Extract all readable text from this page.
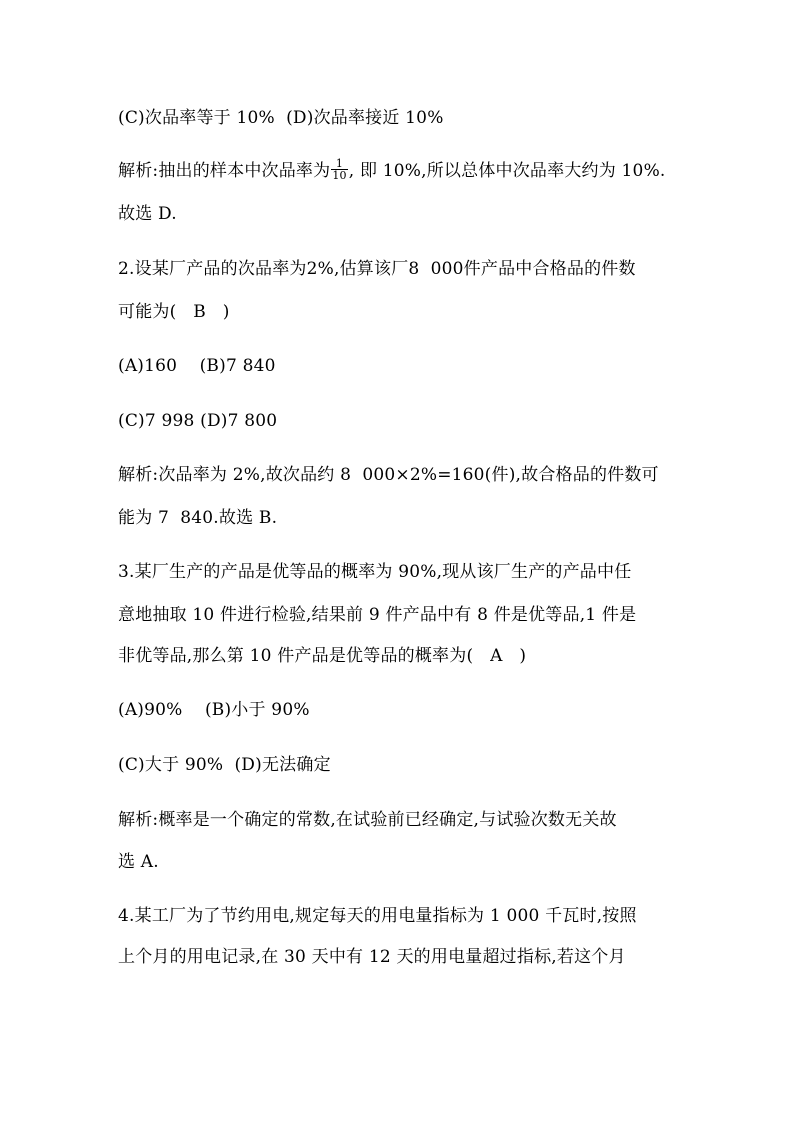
(C)次品率等于 10%  (D)次品率接近 10%
解析:抽出的样本中次品率为 $\frac{1}{10}$ , 即 10%,所以总体中次品率大约为 10%.
故选 D.
2.设某厂产品的次品率为2%,估算该厂8  000件产品中合格品的件数
可能为(   B   )
(A)160    (B)7 840
(C)7 998 (D)7 800
解析:次品率为 2%,故次品约 8  000×2%=160(件),故合格品的件数可
能为 7  840.故选 B.
3.某厂生产的产品是优等品的概率为 90%,现从该厂生产的产品中任
意地抽取 10 件进行检验,结果前 9 件产品中有 8 件是优等品,1 件是
非优等品,那么第 10 件产品是优等品的概率为(   A   )
(A)90%    (B)小于 90%
(C)大于 90%  (D)无法确定
解析:概率是一个确定的常数,在试验前已经确定,与试验次数无关故
选 A.
4.某工厂为了节约用电,规定每天的用电量指标为 1 000 千瓦时,按照
上个月的用电记录,在 30 天中有 12 天的用电量超过指标,若这个月
